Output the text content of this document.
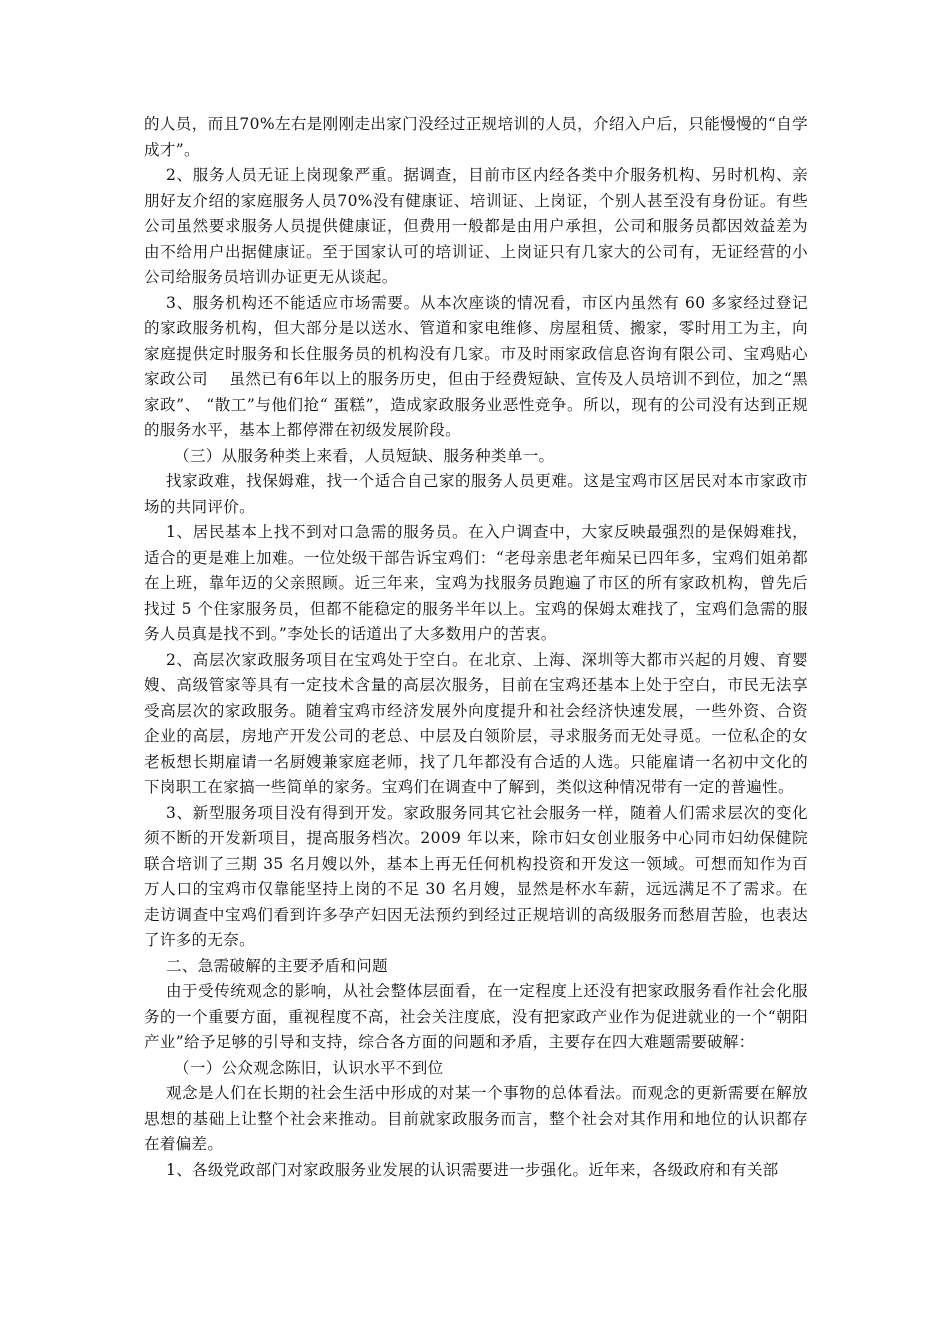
的人员，而且70%左右是刚刚走出家门没经过正规培训的人员，介绍入户后，只能慢慢的“自学成才”。

2、服务人员无证上岗现象严重。据调查，目前市区内经各类中介服务机构、另时机构、亲朋好友介绍的家庭服务人员70%没有健康证、培训证、上岗证，个别人甚至没有身份证。有些公司虽然要求服务人员提供健康证，但费用一般都是由用户承担，公司和服务员都因效益差为由不给用户出据健康证。至于国家认可的培训证、上岗证只有几家大的公司有，无证经营的小公司给服务员培训办证更无从谈起。

3、服务机构还不能适应市场需要。从本次座谈的情况看，市区内虽然有 60 多家经过登记的家政服务机构，但大部分是以送水、管道和家电维修、房屋租赁、搬家，零时用工为主，向家庭提供定时服务和长住服务员的机构没有几家。市及时雨家政信息咨询有限公司、宝鸡贴心家政公司　 虽然已有6年以上的服务历史，但由于经费短缺、宣传及人员培训不到位，加之“黑家政”、 “散工”与他们抢“ 蛋糕”，造成家政服务业恶性竞争。所以，现有的公司没有达到正规的服务水平，基本上都停滞在初级发展阶段。

（三）从服务种类上来看，人员短缺、服务种类单一。

找家政难，找保姆难，找一个适合自己家的服务人员更难。这是宝鸡市区居民对本市家政市场的共同评价。

1、居民基本上找不到对口急需的服务员。在入户调查中，大家反映最强烈的是保姆难找，适合的更是难上加难。一位处级干部告诉宝鸡们：“老母亲患老年痴呆已四年多，宝鸡们姐弟都在上班，靠年迈的父亲照顾。近三年来，宝鸡为找服务员跑遍了市区的所有家政机构，曾先后找过 5 个住家服务员，但都不能稳定的服务半年以上。宝鸡的保姆太难找了，宝鸡们急需的服务人员真是找不到。”李处长的话道出了大多数用户的苦衷。

2、高层次家政服务项目在宝鸡处于空白。在北京、上海、深圳等大都市兴起的月嫂、育婴嫂、高级管家等具有一定技术含量的高层次服务，目前在宝鸡还基本上处于空白，市民无法享受高层次的家政服务。随着宝鸡市经济发展外向度提升和社会经济快速发展，一些外资、合资企业的高层，房地产开发公司的老总、中层及白领阶层，寻求服务而无处寻觅。一位私企的女老板想长期雇请一名厨嫂兼家庭老师，找了几年都没有合适的人选。只能雇请一名初中文化的下岗职工在家搞一些简单的家务。宝鸡们在调查中了解到，类似这种情况带有一定的普遍性。

3、新型服务项目没有得到开发。家政服务同其它社会服务一样，随着人们需求层次的变化须不断的开发新项目，提高服务档次。2009 年以来，除市妇女创业服务中心同市妇幼保健院联合培训了三期 35 名月嫂以外，基本上再无任何机构投资和开发这一领域。可想而知作为百万人口的宝鸡市仅靠能坚持上岗的不足 30 名月嫂，显然是杯水车薪，远远满足不了需求。在走访调查中宝鸡们看到许多孕产妇因无法预约到经过正规培训的高级服务而愁眉苦脸，也表达了许多的无奈。

二、急需破解的主要矛盾和问题

由于受传统观念的影响，从社会整体层面看，在一定程度上还没有把家政服务看作社会化服务的一个重要方面，重视程度不高，社会关注度底，没有把家政产业作为促进就业的一个“朝阳产业”给予足够的引导和支持，综合各方面的问题和矛盾，主要存在四大难题需要破解：

（一）公众观念陈旧，认识水平不到位

观念是人们在长期的社会生活中形成的对某一个事物的总体看法。而观念的更新需要在解放思想的基础上让整个社会来推动。目前就家政服务而言，整个社会对其作用和地位的认识都存在着偏差。

1、各级党政部门对家政服务业发展的认识需要进一步强化。近年来，各级政府和有关部
